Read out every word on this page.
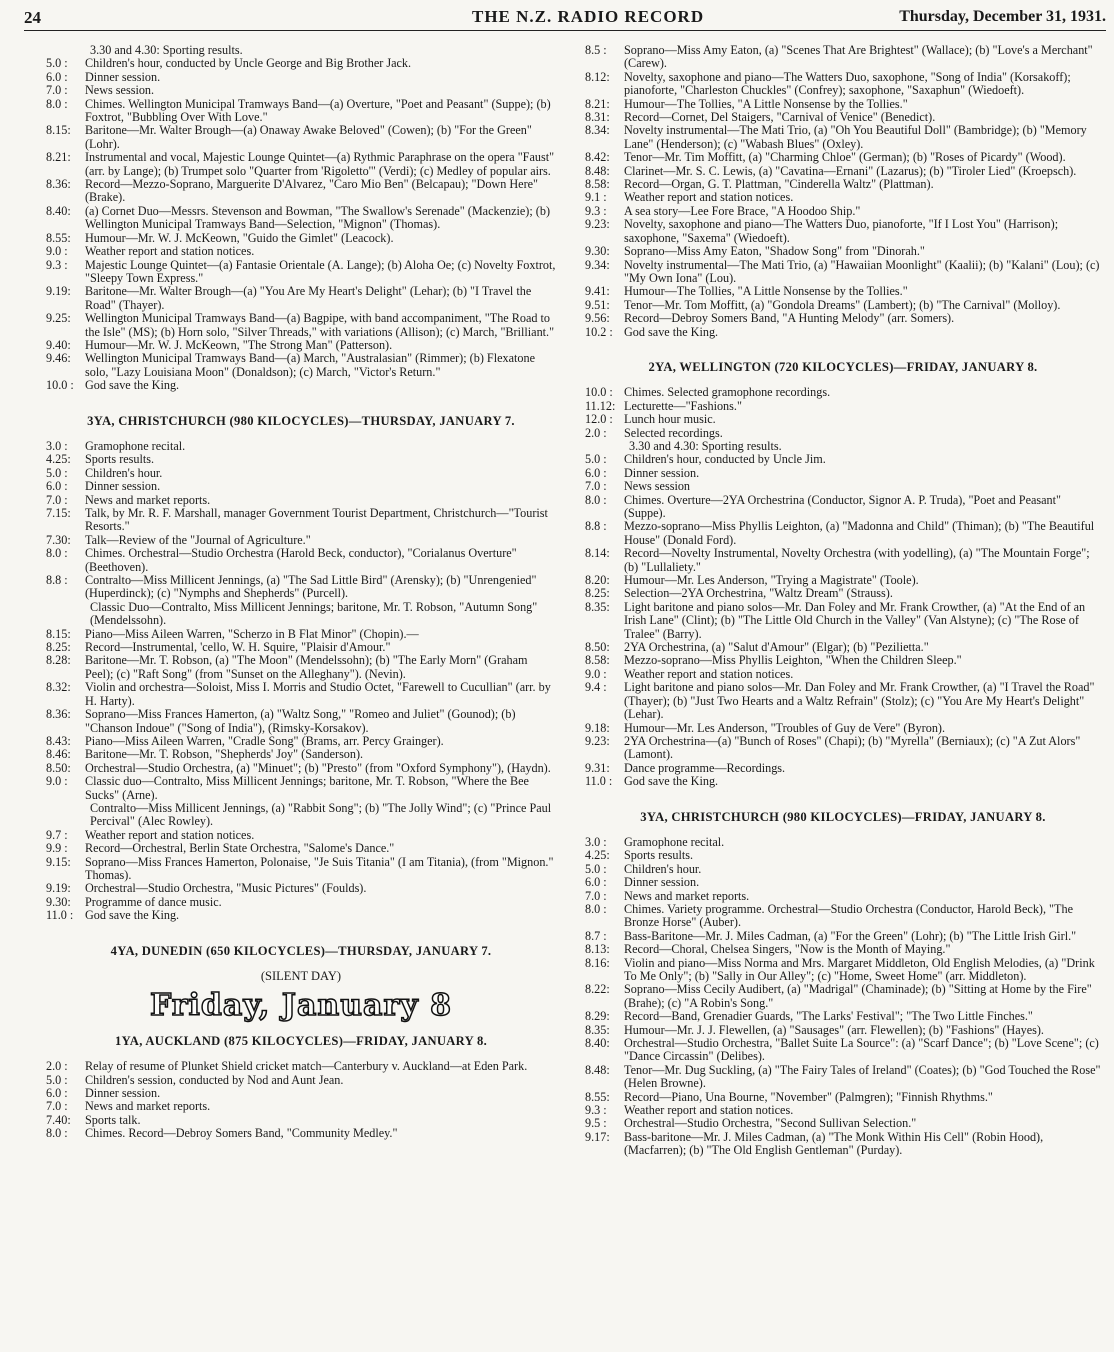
24	THE N.Z. RADIO RECORD	Thursday, December 31, 1931.

3.30 and 4.30: Sporting results.

5.0 : Children's hour, conducted by Uncle George and Big Brother Jack.

6.0 : Dinner session.

7.0 : News session.

8.0 : Chimes. Wellington Municipal Tramways Band—(a) Overture, "Poet and Peasant" (Suppe); (b) Foxtrot, "Bubbling Over With Love."

8.15: Baritone—Mr. Walter Brough—(a) Onaway Awake Beloved" (Cowen); (b) "For the Green" (Lohr).

8.21: Instrumental and vocal, Majestic Lounge Quintet—(a) Rythmic Paraphrase on the opera "Faust" (arr. by Lange); (b) Trumpet solo "Quarter from 'Rigoletto'" (Verdi); (c) Medley of popular airs.

8.36: Record—Mezzo-Soprano, Marguerite D'Alvarez, "Caro Mio Ben" (Belcapau); "Down Here" (Brake).

8.40: (a) Cornet Duo—Messrs. Stevenson and Bowman, "The Swallow's Serenade" (Mackenzie); (b) Wellington Municipal Tramways Band—Selection, "Mignon" (Thomas).

8.55: Humour—Mr. W. J. McKeown, "Guido the Gimlet" (Leacock).

9.0 : Weather report and station notices.

9.3 : Majestic Lounge Quintet—(a) Fantasie Orientale (A. Lange); (b) Aloha Oe; (c) Novelty Foxtrot, "Sleepy Town Express."

9.19: Baritone—Mr. Walter Brough—(a) "You Are My Heart's Delight" (Lehar); (b) "I Travel the Road" (Thayer).

9.25: Wellington Municipal Tramways Band—(a) Bagpipe, with band accompaniment, "The Road to the Isle" (MS); (b) Horn solo, "Silver Threads," with variations (Allison); (c) March, "Brilliant."

9.40: Humour—Mr. W. J. McKeown, "The Strong Man" (Patterson).

9.46: Wellington Municipal Tramways Band—(a) March, "Australasian" (Rimmer); (b) Flexatone solo, "Lazy Louisiana Moon" (Donaldson); (c) March, "Victor's Return."

10.0 : God save the King.

3YA, CHRISTCHURCH (980 KILOCYCLES)—THURSDAY, JANUARY 7.

3.0 : Gramophone recital.

4.25: Sports results.

5.0 : Children's hour.

6.0 : Dinner session.

7.0 : News and market reports.

7.15: Talk, by Mr. R. F. Marshall, manager Government Tourist Department, Christchurch—"Tourist Resorts."

7.30: Talk—Review of the "Journal of Agriculture."

8.0 : Chimes. Orchestral—Studio Orchestra (Harold Beck, conductor), "Corialanus Overture" (Beethoven).

8.8 : Contralto—Miss Millicent Jennings, (a) "The Sad Little Bird" (Arensky); (b) "Unrengenied" (Huperdinck); (c) "Nymphs and Shepherds" (Purcell).

Classic Duo—Contralto, Miss Millicent Jennings; baritone, Mr. T. Robson, "Autumn Song" (Mendelssohn).

8.15: Piano—Miss Aileen Warren, "Scherzo in B Flat Minor" (Chopin).—

8.25: Record—Instrumental, 'cello, W. H. Squire, "Plaisir d'Amour."

8.28: Baritone—Mr. T. Robson, (a) "The Moon" (Mendelssohn); (b) "The Early Morn" (Graham Peel); (c) "Raft Song" (from "Sunset on the Alleghany"). (Nevin).

8.32: Violin and orchestra—Soloist, Miss I. Morris and Studio Octet, "Farewell to Cucullian" (arr. by H. Harty).

8.36: Soprano—Miss Frances Hamerton, (a) "Waltz Song," "Romeo and Juliet" (Gounod); (b) "Chanson Indoue" ("Song of India"), (Rimsky-Korsakov).

8.43: Piano—Miss Aileen Warren, "Cradle Song" (Brams, arr. Percy Grainger).

8.46: Baritone—Mr. T. Robson, "Shepherds' Joy" (Sanderson).

8.50: Orchestral—Studio Orchestra, (a) "Minuet"; (b) "Presto" (from "Oxford Symphony"), (Haydn).

9.0 : Classic duo—Contralto, Miss Millicent Jennings; baritone, Mr. T. Robson, "Where the Bee Sucks" (Arne).

Contralto—Miss Millicent Jennings, (a) "Rabbit Song"; (b) "The Jolly Wind"; (c) "Prince Paul Percival" (Alec Rowley).

9.7 : Weather report and station notices.

9.9 : Record—Orchestral, Berlin State Orchestra, "Salome's Dance."

9.15: Soprano—Miss Frances Hamerton, Polonaise, "Je Suis Titania" (I am Titania), (from "Mignon." Thomas).

9.19: Orchestral—Studio Orchestra, "Music Pictures" (Foulds).

9.30: Programme of dance music.

11.0 : God save the King.

4YA, DUNEDIN (650 KILOCYCLES)—THURSDAY, JANUARY 7.
(SILENT DAY)
Friday, January 8
1YA, AUCKLAND (875 KILOCYCLES)—FRIDAY, JANUARY 8.

2.0 : Relay of resume of Plunket Shield cricket match—Canterbury v. Auckland—at Eden Park.

5.0 : Children's session, conducted by Nod and Aunt Jean.

6.0 : Dinner session.

7.0 : News and market reports.

7.40: Sports talk.

8.0 : Chimes. Record—Debroy Somers Band, "Community Medley."

8.5 : Soprano—Miss Amy Eaton, (a) "Scenes That Are Brightest" (Wallace); (b) "Love's a Merchant" (Carew).

8.12: Novelty, saxophone and piano—The Watters Duo, saxophone, "Song of India" (Korsakoff); pianoforte, "Charleston Chuckles" (Confrey); saxophone, "Saxaphun" (Wiedoeft).

8.21: Humour—The Tollies, "A Little Nonsense by the Tollies."

8.31: Record—Cornet, Del Staigers, "Carnival of Venice" (Benedict).

8.34: Novelty instrumental—The Mati Trio, (a) "Oh You Beautiful Doll" (Bambridge); (b) "Memory Lane" (Henderson); (c) "Wabash Blues" (Oxley).

8.42: Tenor—Mr. Tim Moffitt, (a) "Charming Chloe" (German); (b) "Roses of Picardy" (Wood).

8.48: Clarinet—Mr. S. C. Lewis, (a) "Cavatina—Ernani" (Lazarus); (b) "Tiroler Lied" (Kroepsch).

8.58: Record—Organ, G. T. Plattman, "Cinderella Waltz" (Plattman).

9.1 : Weather report and station notices.

9.3 : A sea story—Lee Fore Brace, "A Hoodoo Ship."

9.23: Novelty, saxophone and piano—The Watters Duo, pianoforte, "If I Lost You" (Harrison); saxophone, "Saxema" (Wiedoeft).

9.30: Soprano—Miss Amy Eaton, "Shadow Song" from "Dinorah."

9.34: Novelty instrumental—The Mati Trio, (a) "Hawaiian Moonlight" (Kaalii); (b) "Kalani" (Lou); (c) "My Own Iona" (Lou).

9.41: Humour—The Tollies, "A Little Nonsense by the Tollies."

9.51: Tenor—Mr. Tom Moffitt, (a) "Gondola Dreams" (Lambert); (b) "The Carnival" (Molloy).

9.56: Record—Debroy Somers Band, "A Hunting Melody" (arr. Somers).

10.2 : God save the King.

2YA, WELLINGTON (720 KILOCYCLES)—FRIDAY, JANUARY 8.

10.0 : Chimes. Selected gramophone recordings.

11.12: Lecturette—"Fashions."

12.0 : Lunch hour music.

2.0 : Selected recordings.

3.30 and 4.30: Sporting results.

5.0 : Children's hour, conducted by Uncle Jim.

6.0 : Dinner session.

7.0 : News session

8.0 : Chimes. Overture—2YA Orchestrina (Conductor, Signor A. P. Truda), "Poet and Peasant" (Suppe).

8.8 : Mezzo-soprano—Miss Phyllis Leighton, (a) "Madonna and Child" (Thiman); (b) "The Beautiful House" (Donald Ford).

8.14: Record—Novelty Instrumental, Novelty Orchestra (with yodelling), (a) "The Mountain Forge"; (b) "Lullaliety."

8.20: Humour—Mr. Les Anderson, "Trying a Magistrate" (Toole).

8.25: Selection—2YA Orchestrina, "Waltz Dream" (Strauss).

8.35: Light baritone and piano solos—Mr. Dan Foley and Mr. Frank Crowther, (a) "At the End of an Irish Lane" (Clint); (b) "The Little Old Church in the Valley" (Van Alstyne); (c) "The Rose of Tralee" (Barry).

8.50: 2YA Orchestrina, (a) "Salut d'Amour" (Elgar); (b) "Pezilietta."

8.58: Mezzo-soprano—Miss Phyllis Leighton, "When the Children Sleep."

9.0 : Weather report and station notices.

9.4 : Light baritone and piano solos—Mr. Dan Foley and Mr. Frank Crowther, (a) "I Travel the Road" (Thayer); (b) "Just Two Hearts and a Waltz Refrain" (Stolz); (c) "You Are My Heart's Delight" (Lehar).

9.18: Humour—Mr. Les Anderson, "Troubles of Guy de Vere" (Byron).

9.23: 2YA Orchestrina—(a) "Bunch of Roses" (Chapi); (b) "Myrella" (Berniaux); (c) "A Zut Alors" (Lamont).

9.31: Dance programme—Recordings.

11.0 : God save the King.

3YA, CHRISTCHURCH (980 KILOCYCLES)—FRIDAY, JANUARY 8.

3.0 : Gramophone recital.

4.25: Sports results.

5.0 : Children's hour.

6.0 : Dinner session.

7.0 : News and market reports.

8.0 : Chimes. Variety programme. Orchestral—Studio Orchestra (Conductor, Harold Beck), "The Bronze Horse" (Auber).

8.7 : Bass-Baritone—Mr. J. Miles Cadman, (a) "For the Green" (Lohr); (b) "The Little Irish Girl."

8.13: Record—Choral, Chelsea Singers, "Now is the Month of Maying."

8.16: Violin and piano—Miss Norma and Mrs. Margaret Middleton, Old English Melodies, (a) "Drink To Me Only"; (b) "Sally in Our Alley"; (c) "Home, Sweet Home" (arr. Middleton).

8.22: Soprano—Miss Cecily Audibert, (a) "Madrigal" (Chaminade); (b) "Sitting at Home by the Fire" (Brahe); (c) "A Robin's Song."

8.29: Record—Band, Grenadier Guards, "The Larks' Festival"; "The Two Little Finches."

8.35: Humour—Mr. J. J. Flewellen, (a) "Sausages" (arr. Flewellen); (b) "Fashions" (Hayes).

8.40: Orchestral—Studio Orchestra, "Ballet Suite La Source": (a) "Scarf Dance"; (b) "Love Scene"; (c) "Dance Circassin" (Delibes).

8.48: Tenor—Mr. Dug Suckling, (a) "The Fairy Tales of Ireland" (Coates); (b) "God Touched the Rose" (Helen Browne).

8.55: Record—Piano, Una Bourne, "November" (Palmgren); "Finnish Rhythms."

9.3 : Weather report and station notices.

9.5 : Orchestral—Studio Orchestra, "Second Sullivan Selection."

9.17: Bass-baritone—Mr. J. Miles Cadman, (a) "The Monk Within His Cell" (Robin Hood), (Macfarren); (b) "The Old English Gentleman" (Purday).
